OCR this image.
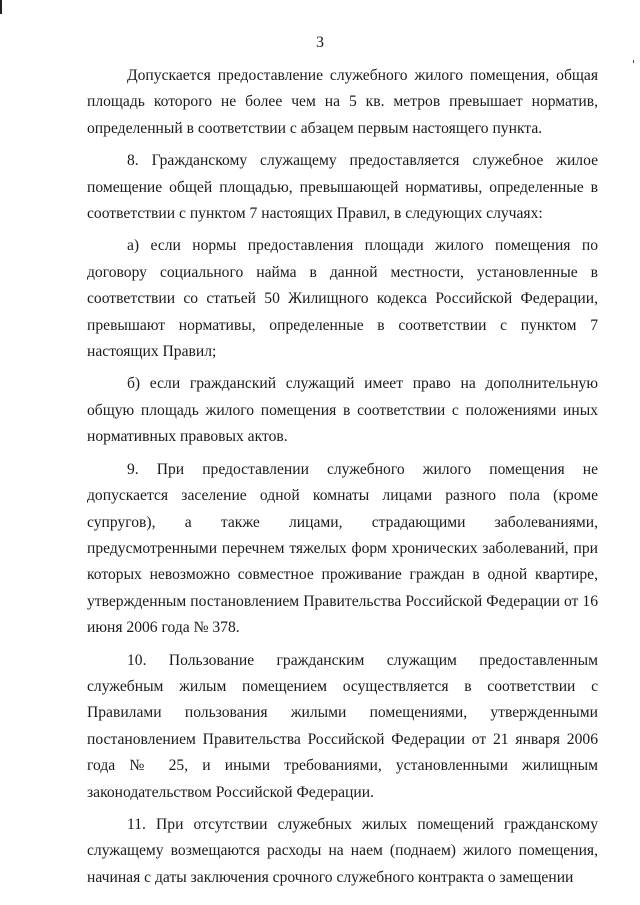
3

Допускается предоставление служебного жилого помещения, общая площадь которого не более чем на 5 кв. метров превышает норматив, определенный в соответствии с абзацем первым настоящего пункта.

8. Гражданскому служащему предоставляется служебное жилое помещение общей площадью, превышающей нормативы, определенные в соответствии с пунктом 7 настоящих Правил, в следующих случаях:

а) если нормы предоставления площади жилого помещения по договору социального найма в данной местности, установленные в соответствии со статьей 50 Жилищного кодекса Российской Федерации, превышают нормативы, определенные в соответствии с пунктом 7 настоящих Правил;

б) если гражданский служащий имеет право на дополнительную общую площадь жилого помещения в соответствии с положениями иных нормативных правовых актов.

9. При предоставлении служебного жилого помещения не допускается заселение одной комнаты лицами разного пола (кроме супругов), а также лицами, страдающими заболеваниями, предусмотренными перечнем тяжелых форм хронических заболеваний, при которых невозможно совместное проживание граждан в одной квартире, утвержденным постановлением Правительства Российской Федерации от 16 июня 2006 года № 378.

10. Пользование гражданским служащим предоставленным служебным жилым помещением осуществляется в соответствии с Правилами пользования жилыми помещениями, утвержденными постановлением Правительства Российской Федерации от 21 января 2006 года № 25, и иными требованиями, установленными жилищным законодательством Российской Федерации.

11. При отсутствии служебных жилых помещений гражданскому служащему возмещаются расходы на наем (поднаем) жилого помещения, начиная с даты заключения срочного служебного контракта о замещении
